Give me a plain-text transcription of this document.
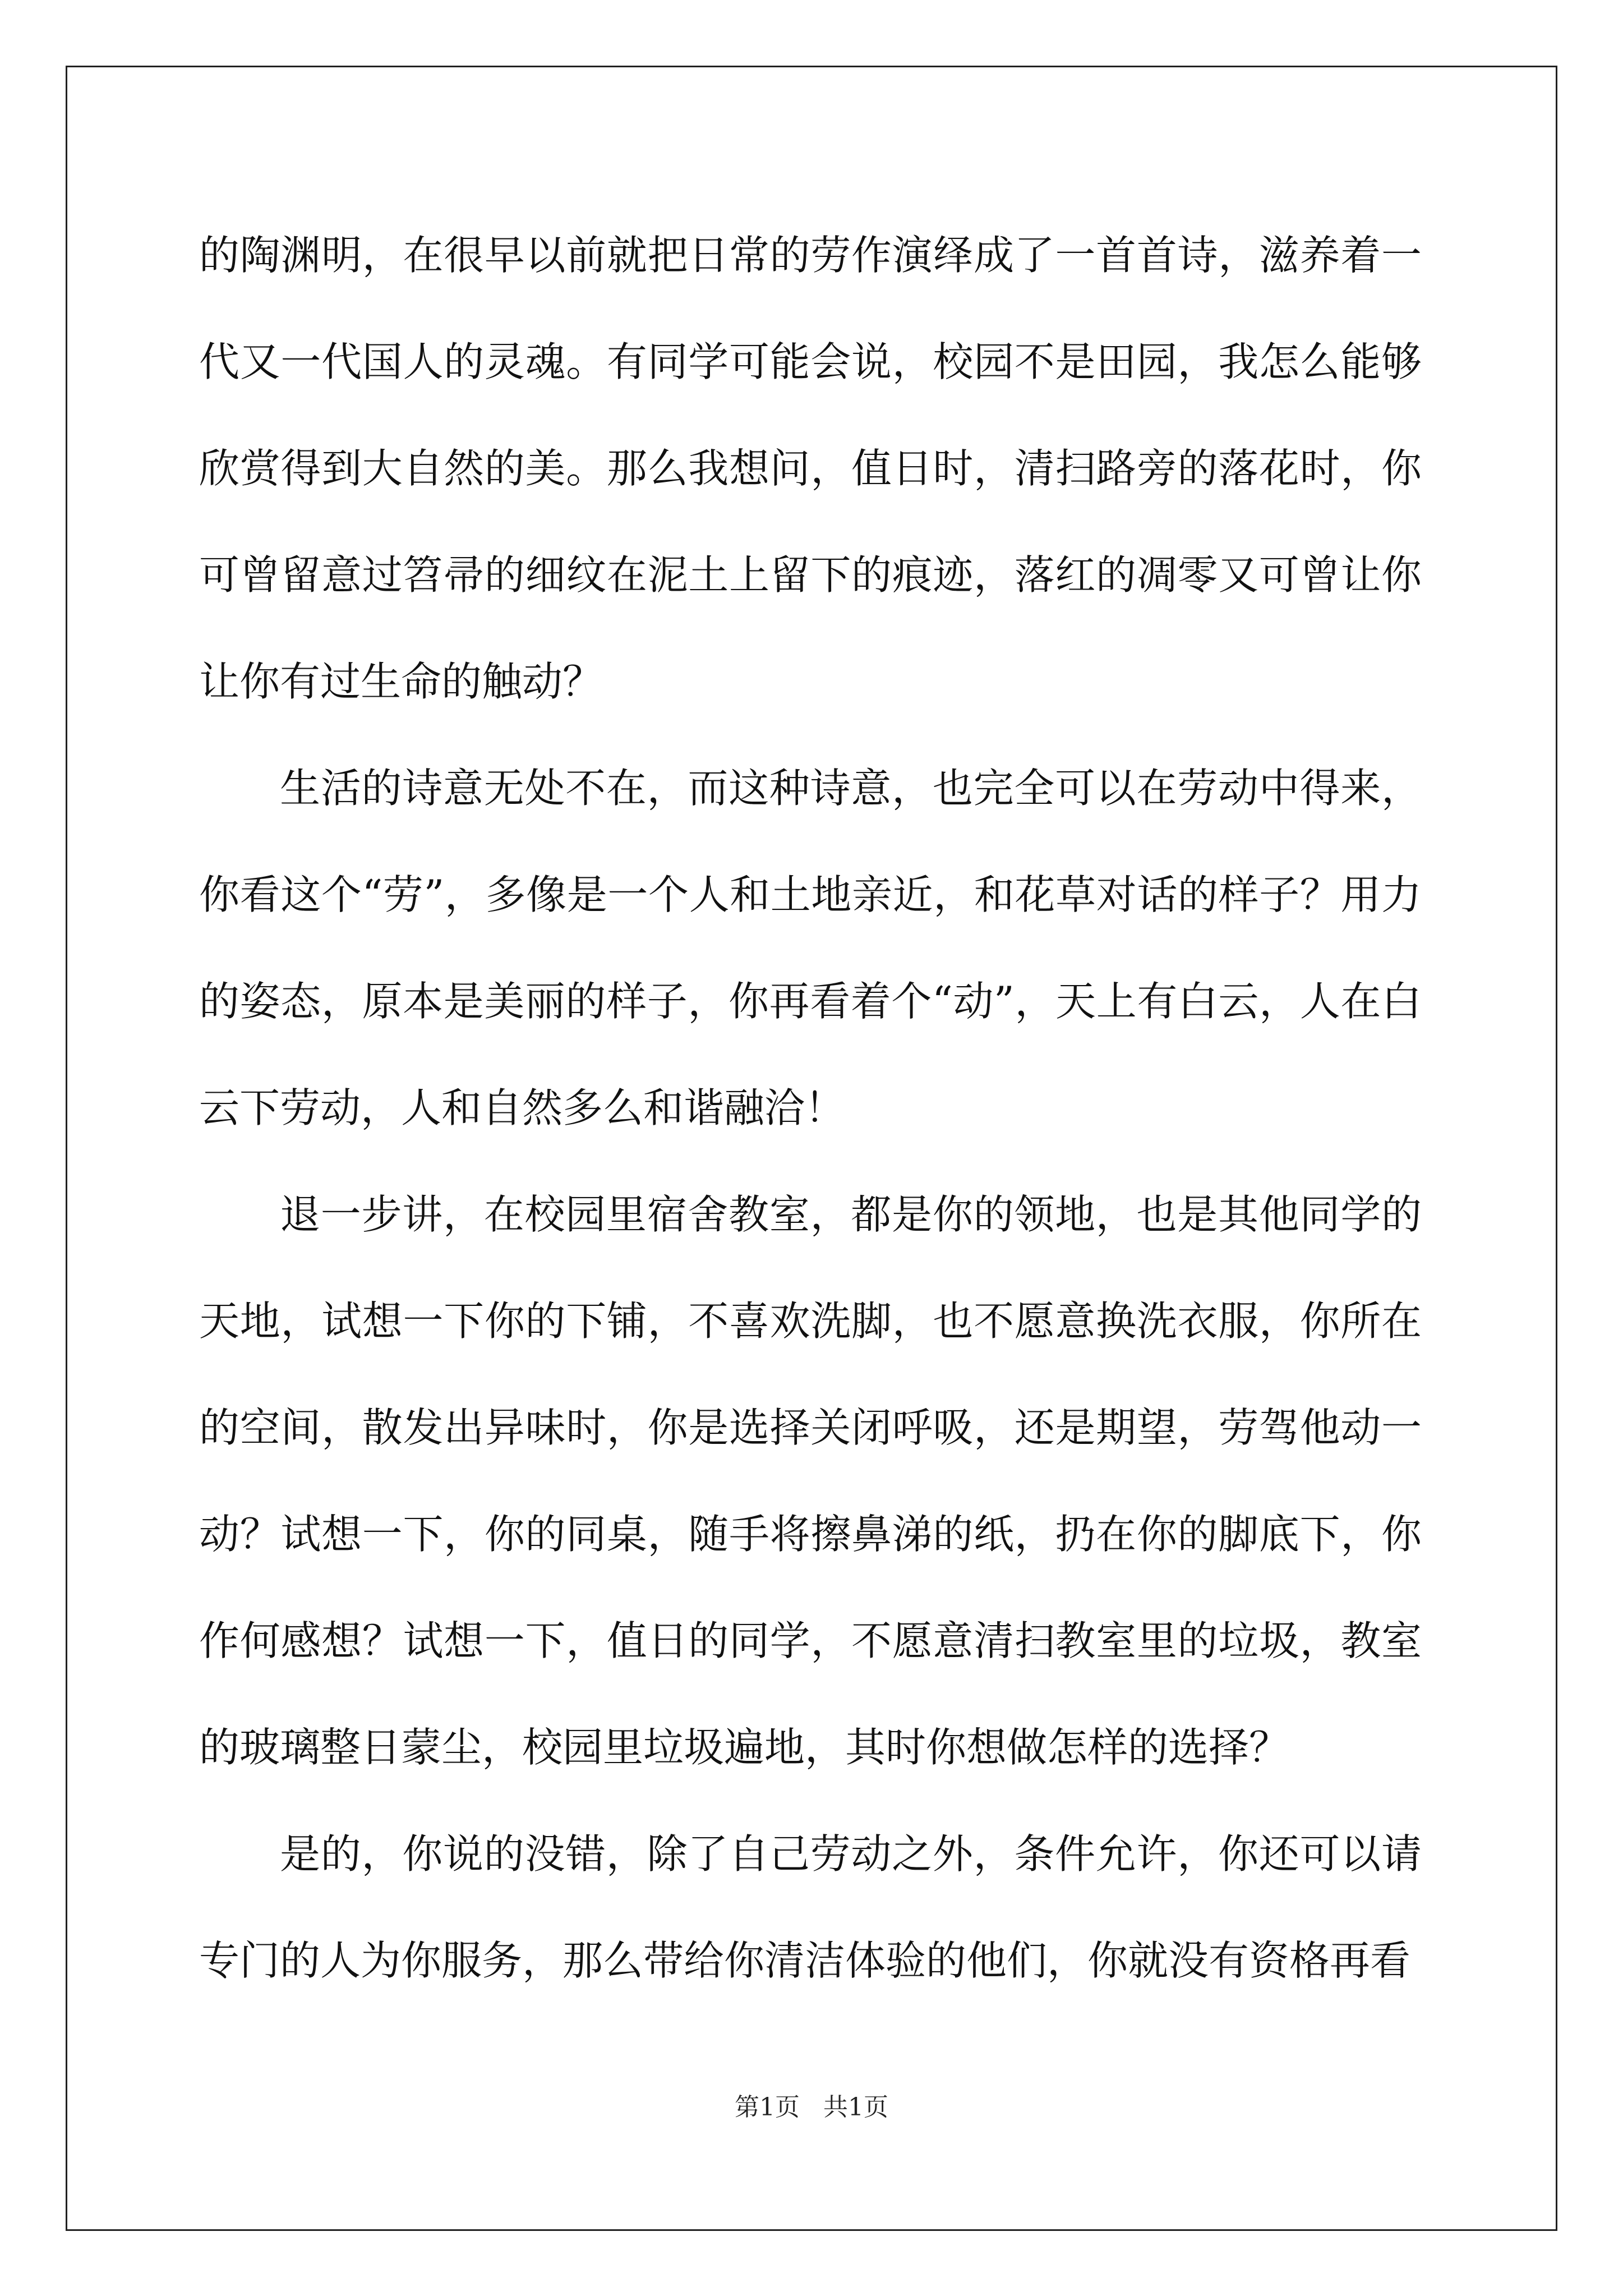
的陶渊明，在很早以前就把日常的劳作演绎成了一首首诗，滋养着一代又一代国人的灵魂。有同学可能会说，校园不是田园，我怎么能够欣赏得到大自然的美。那么我想问，值日时，清扫路旁的落花时，你可曾留意过笤帚的细纹在泥土上留下的痕迹，落红的凋零又可曾让你让你有过生命的触动？

生活的诗意无处不在，而这种诗意，也完全可以在劳动中得来，你看这个“劳”，多像是一个人和土地亲近，和花草对话的样子？用力的姿态，原本是美丽的样子，你再看着个“动”，天上有白云，人在白云下劳动，人和自然多么和谐融洽！

退一步讲，在校园里宿舍教室，都是你的领地，也是其他同学的天地，试想一下你的下铺，不喜欢洗脚，也不愿意换洗衣服，你所在的空间，散发出异味时，你是选择关闭呼吸，还是期望，劳驾他动一动？试想一下，你的同桌，随手将擦鼻涕的纸，扔在你的脚底下，你作何感想？试想一下，值日的同学，不愿意清扫教室里的垃圾，教室的玻璃整日蒙尘，校园里垃圾遍地，其时你想做怎样的选择？

是的，你说的没错，除了自己劳动之外，条件允许，你还可以请专门的人为你服务，那么带给你清洁体验的他们，你就没有资格再看

第1页   共1页
